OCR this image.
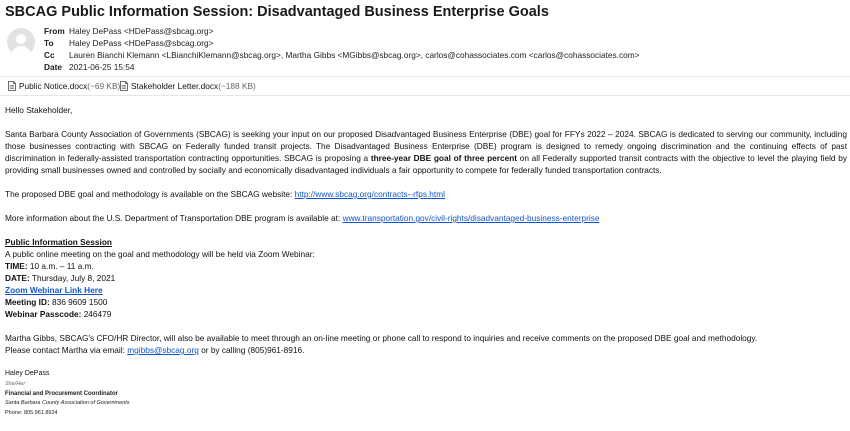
SBCAG Public Information Session: Disadvantaged Business Enterprise Goals
From Haley DePass <HDePass@sbcag.org>
To Haley DePass <HDePass@sbcag.org>
Cc Lauren Bianchi Klemann <LBianchiKlemann@sbcag.org>, Martha Gibbs <MGibbs@sbcag.org>, carlos@cohassociates.com <carlos@cohassociates.com>
Date 2021-06-25 15:54
Public Notice.docx (~69 KB) Stakeholder Letter.docx (~188 KB)

Hello Stakeholder,

Santa Barbara County Association of Governments (SBCAG) is seeking your input on our proposed Disadvantaged Business Enterprise (DBE) goal for FFYs 2022 – 2024. SBCAG is dedicated to serving our community, including those businesses contracting with SBCAG on Federally funded transit projects. The Disadvantaged Business Enterprise (DBE) program is designed to remedy ongoing discrimination and the continuing effects of past discrimination in federally-assisted transportation contracting opportunities. SBCAG is proposing a three-year DBE goal of three percent on all Federally supported transit contracts with the objective to level the playing field by providing small businesses owned and controlled by socially and economically disadvantaged individuals a fair opportunity to compete for federally funded transportation contracts.

The proposed DBE goal and methodology is available on the SBCAG website: http://www.sbcag.org/contracts--rfps.html

More information about the U.S. Department of Transportation DBE program is available at: www.transportation.gov/civil-rights/disadvantaged-business-enterprise

Public Information Session

A public online meeting on the goal and methodology will be held via Zoom Webinar:

TIME: 10 a.m. – 11 a.m.

DATE: Thursday, July 8, 2021

Zoom Webinar Link Here

Meeting ID: 836 9609 1500

Webinar Passcode: 246479

Martha Gibbs, SBCAG's CFO/HR Director, will also be available to meet through an on-line meeting or phone call to respond to inquiries and receive comments on the proposed DBE goal and methodology.

Please contact Martha via email: mgibbs@sbcag.org or by calling (805)961-8916.

Haley DePass

She/Her

Financial and Procurement Coordinator

Santa Barbara County Association of Governments

Phone: 805.961.8924
